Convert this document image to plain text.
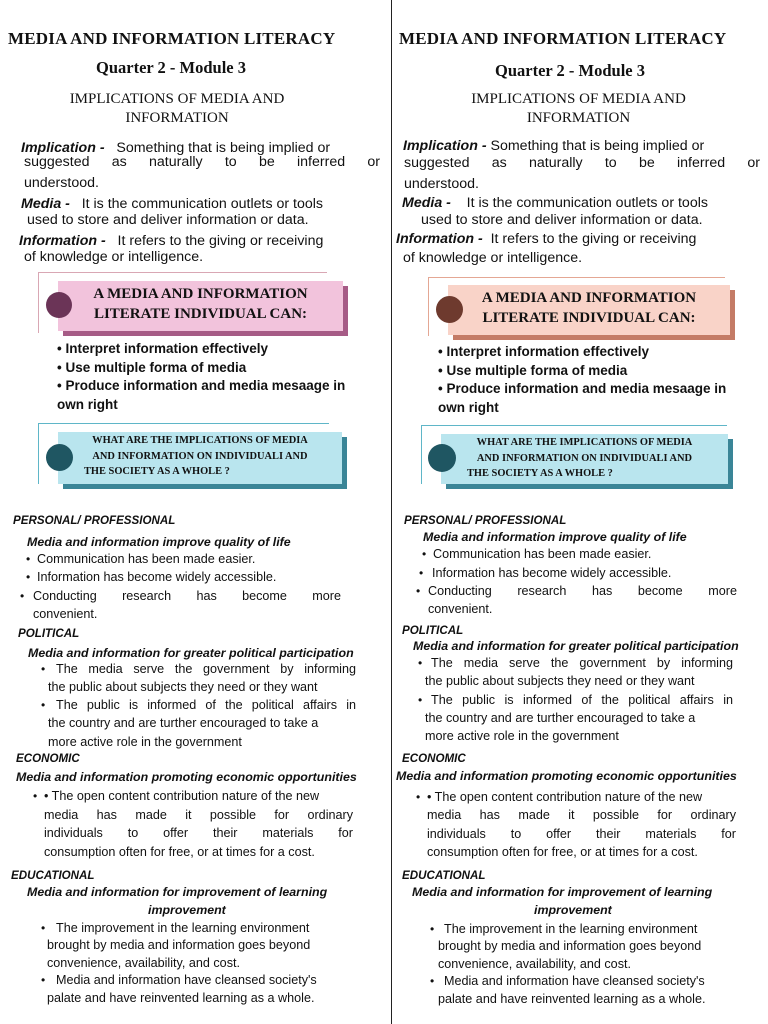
MEDIA AND INFORMATION LITERACY
Quarter 2 - Module 3
IMPLICATIONS OF MEDIA AND
INFORMATION
Implication - Something that is being implied or
suggested as naturally to be inferred or
understood.
Media - It is the communication outlets or tools
used to store and deliver information or data.
Information - It refers to the giving or receiving
of knowledge or intelligence.
A MEDIA AND INFORMATION
LITERATE INDIVIDUAL CAN:
• Interpret information effectively
• Use multiple forma of media
• Produce information and media mesaage in
own right
WHAT ARE THE IMPLICATIONS OF MEDIA
AND INFORMATION ON INDIVIDUALI AND
THE SOCIETY AS A WHOLE ?
PERSONAL/ PROFESSIONAL
Media and information improve quality of life
• Communication has been made easier.
• Information has become widely accessible.
• Conducting research has become more
convenient.
POLITICAL
Media and information for greater political participation
• The media serve the government by informing
the public about subjects they need or they want
• The public is informed of the political affairs in
the country and are turther encouraged to take a
more active role in the government
ECONOMIC
Media and information promoting economic opportunities
• • The open content contribution nature of the new
media has made it possible for ordinary
individuals to offer their materials for
consumption often for free, or at times for a cost.
EDUCATIONAL
Media and information for improvement of learning
improvement
• The improvement in the learning environment
brought by media and information goes beyond
convenience, availability, and cost.
• Media and information have cleansed society's
palate and have reinvented learning as a whole.
MEDIA AND INFORMATION LITERACY
Quarter 2 - Module 3
IMPLICATIONS OF MEDIA AND
INFORMATION
Implication - Something that is being implied or
suggested as naturally to be inferred or
understood.
Media - It is the communication outlets or tools
used to store and deliver information or data.
Information - It refers to the giving or receiving
of knowledge or intelligence.
A MEDIA AND INFORMATION
LITERATE INDIVIDUAL CAN:
• Interpret information effectively
• Use multiple forma of media
• Produce information and media mesaage in
own right
WHAT ARE THE IMPLICATIONS OF MEDIA
AND INFORMATION ON INDIVIDUALI AND
THE SOCIETY AS A WHOLE ?
PERSONAL/ PROFESSIONAL
Media and information improve quality of life
• Communication has been made easier.
• Information has become widely accessible.
• Conducting research has become more
convenient.
POLITICAL
Media and information for greater political participation
• The media serve the government by informing
the public about subjects they need or they want
• The public is informed of the political affairs in
the country and are turther encouraged to take a
more active role in the government
ECONOMIC
Media and information promoting economic opportunities
• • The open content contribution nature of the new
media has made it possible for ordinary
individuals to offer their materials for
consumption often for free, or at times for a cost.
EDUCATIONAL
Media and information for improvement of learning
improvement
• The improvement in the learning environment
brought by media and information goes beyond
convenience, availability, and cost.
• Media and information have cleansed society's
palate and have reinvented learning as a whole.
